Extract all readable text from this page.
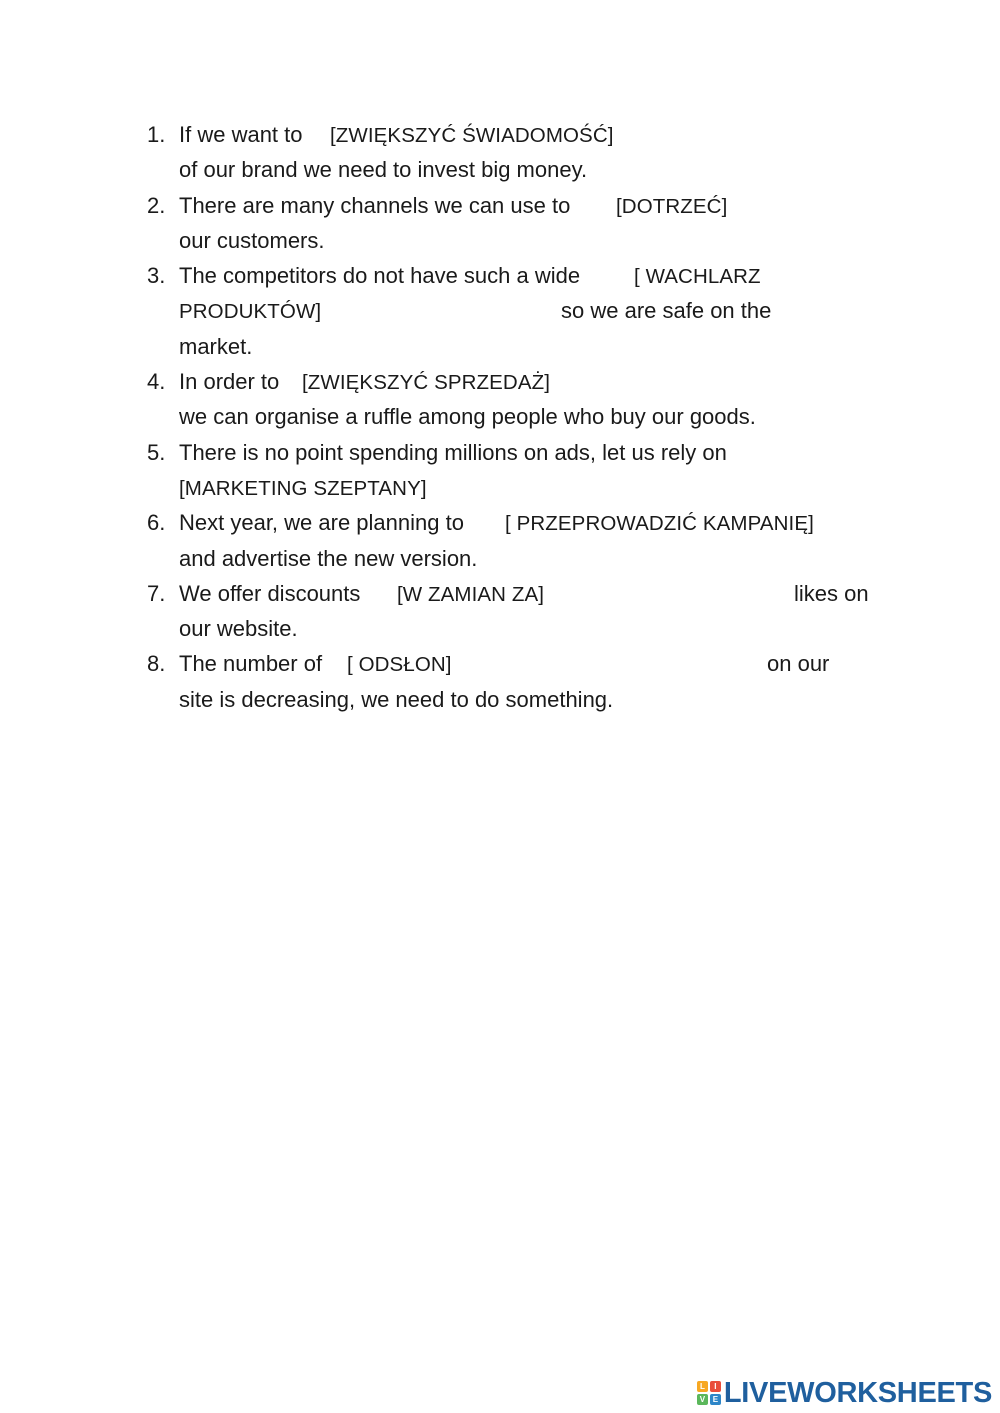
1. If we want to [ZWIĘKSZYĆ ŚWIADOMOŚĆ]
of our brand we need to invest big money.
2. There are many channels we can use to [DOTRZEĆ]
our customers.
3. The competitors do not have such a wide	[ WACHLARZ
PRODUKTÓW]	so we are safe on the
market.
4. In order to [ZWIĘKSZYĆ SPRZEDAŻ]
we can organise a ruffle among people who buy our goods.
5. There is no point spending millions on ads, let us rely on
[MARKETING SZEPTANY]
6. Next year, we are planning to [ PRZEPROWADZIĆ KAMPANIĘ]
and advertise the new version.
7. We offer discounts [W ZAMIAN ZA]	likes on
our website.
8. The number of [ ODSŁON]	on our
site is decreasing, we need to do something.
L	I
V E LIVEWORKSHEETS
